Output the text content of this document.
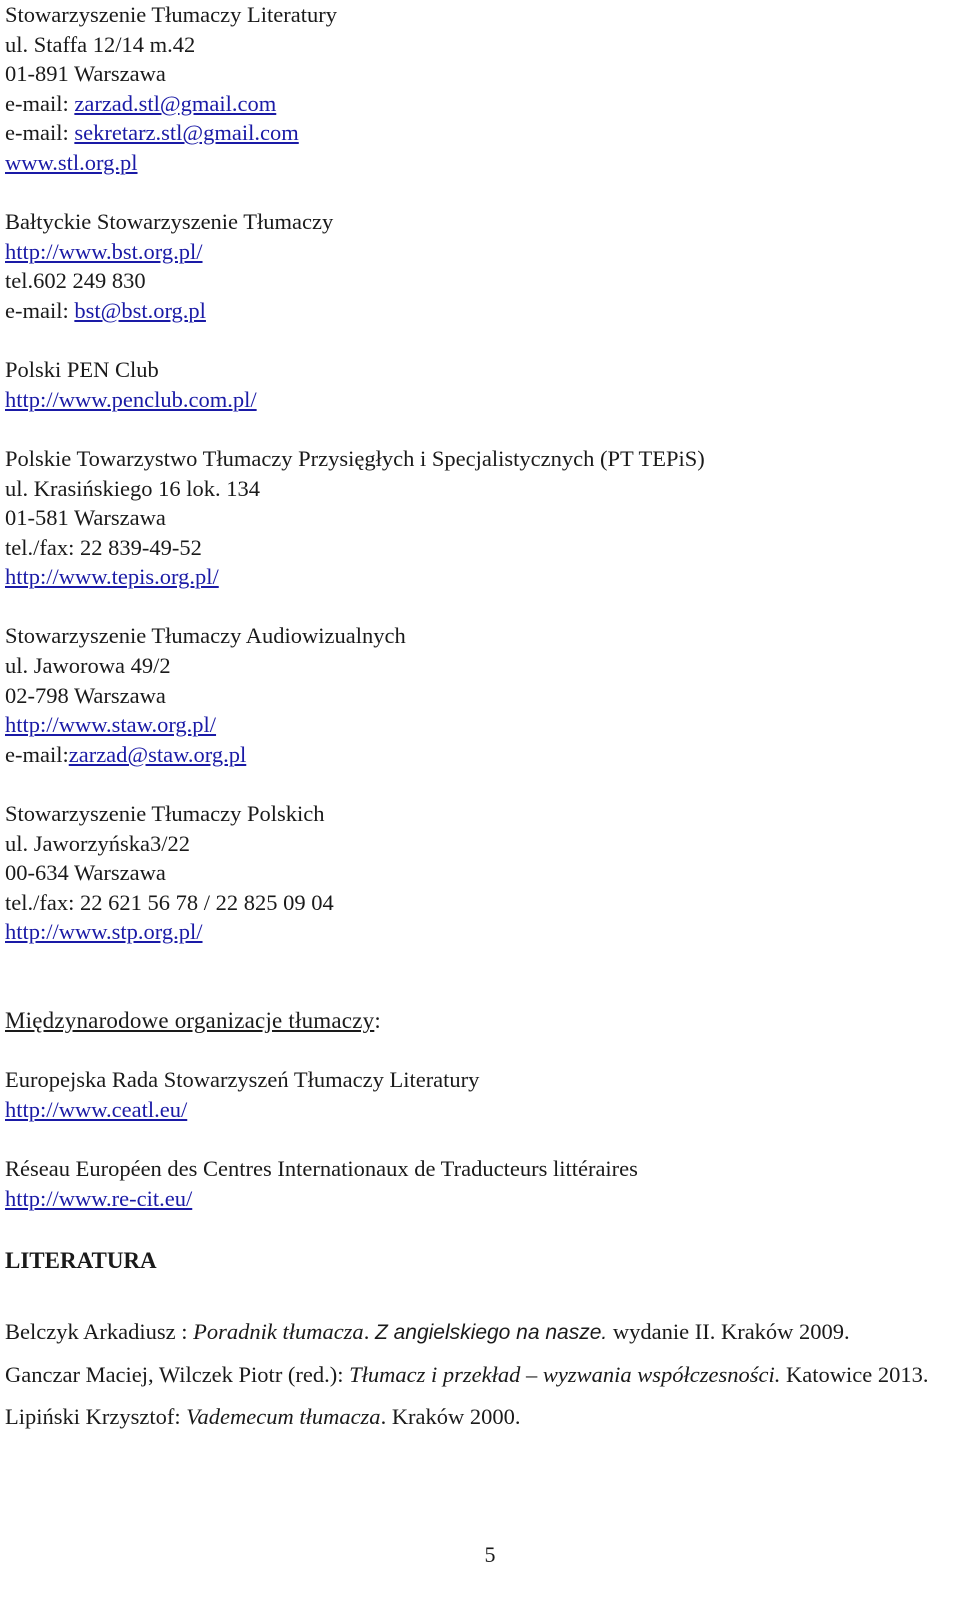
Stowarzyszenie Tłumaczy Literatury
ul. Staffa 12/14 m.42
01-891 Warszawa
e-mail: zarzad.stl@gmail.com
e-mail: sekretarz.stl@gmail.com
www.stl.org.pl
Bałtyckie Stowarzyszenie Tłumaczy
http://www.bst.org.pl/
tel.602 249 830
e-mail: bst@bst.org.pl
Polski PEN Club
http://www.penclub.com.pl/
Polskie Towarzystwo Tłumaczy Przysięgłych i Specjalistycznych (PT TEPiS)
ul. Krasińskiego 16 lok. 134
01-581 Warszawa
tel./fax: 22 839-49-52
http://www.tepis.org.pl/
Stowarzyszenie Tłumaczy Audiowizualnych
ul. Jaworowa 49/2
02-798 Warszawa
http://www.staw.org.pl/
e-mail:zarzad@staw.org.pl
Stowarzyszenie Tłumaczy Polskich
ul. Jaworzyńska3/22
00-634 Warszawa
tel./fax: 22 621 56 78 / 22 825 09 04
http://www.stp.org.pl/
Międzynarodowe organizacje tłumaczy:
Europejska Rada Stowarzyszeń Tłumaczy Literatury
http://www.ceatl.eu/
Réseau Européen des Centres Internationaux de Traducteurs littéraires
http://www.re-cit.eu/
LITERATURA
Belczyk Arkadiusz : Poradnik tłumacza. Z angielskiego na nasze. wydanie II. Kraków 2009.
Ganczar Maciej, Wilczek Piotr (red.): Tłumacz i przekład – wyzwania współczesności. Katowice 2013.
Lipiński Krzysztof: Vademecum tłumacza. Kraków 2000.
5
